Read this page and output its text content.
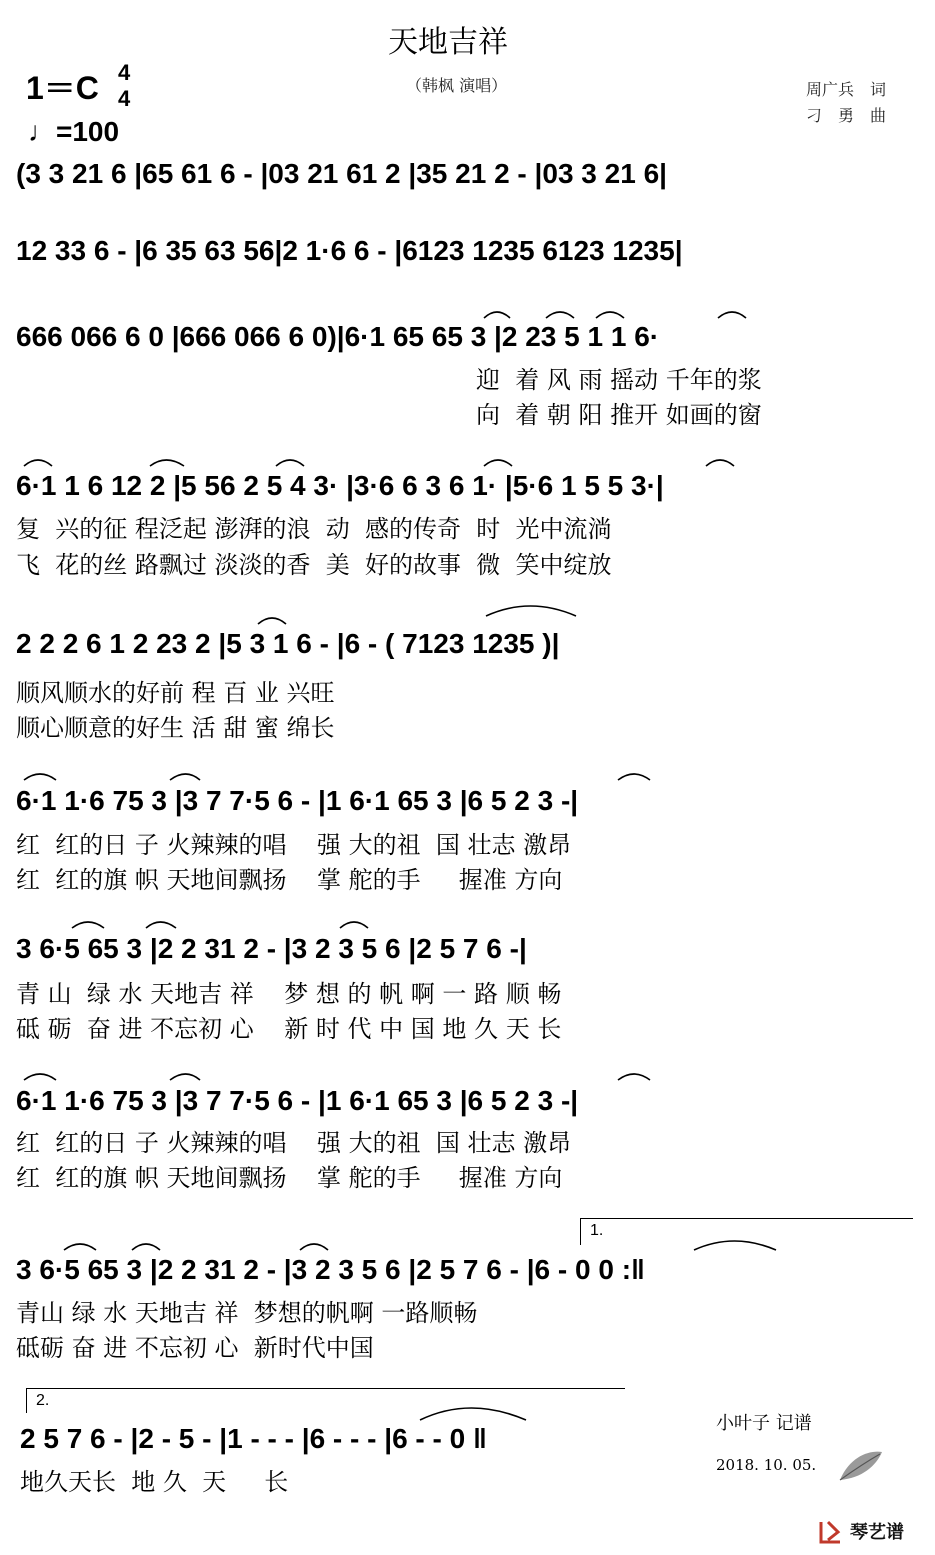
天地吉祥
（韩枫 演唱）	周广兵　词
刁　勇　曲
1＝C 4
4
♩=100
(3 3 21 6 |65 61 6 - |03 21 61 2 |35 21 2 - |03 3 21 6|
12 33 6 - |6 35 63 56|2 1·6 6 - |6123 1235 6123 1235|
666 066 6 0 |666 066 6 0)|6·1 65 65 3 |2 23 5 1 1 6·
迎  着 风 雨 摇动 千年的浆
向  着 朝 阳 推开 如画的窗
6·1 1 6 12 2 |5 56 2 5 4 3· |3·6 6 3 6 1· |5·6 1 5 5 3·|
复  兴的征 程泛起 澎湃的浪  动  感的传奇  时  光中流淌
飞  花的丝 路飘过 淡淡的香  美  好的故事  微  笑中绽放
2 2 2 6 1 2 23 2 |5 3 1 6 - |6 - ( 7123 1235 )|
顺风顺水的好前 程 百 业 兴旺
顺心顺意的好生 活 甜 蜜 绵长
6·1 1·6 75 3 |3 7 7·5 6 - |1 6·1 65 3 |6 5 2 3 -|
红  红的日 子 火辣辣的唱    强 大的祖  国 壮志 激昂
红  红的旗 帜 天地间飘扬    掌 舵的手     握准 方向
3 6·5 65 3 |2 2 31 2 - |3 2 3 5 6 |2 5 7 6 -|
青 山  绿 水 天地吉 祥    梦 想 的 帆 啊 一 路 顺 畅
砥 砺  奋 进 不忘初 心    新 时 代 中 国 地 久 天 长
6·1 1·6 75 3 |3 7 7·5 6 - |1 6·1 65 3 |6 5 2 3 -|
红  红的日 子 火辣辣的唱    强 大的祖  国 壮志 激昂
红  红的旗 帜 天地间飘扬    掌 舵的手     握准 方向
1.
3 6·5 65 3 |2 2 31 2 - |3 2 3 5 6 |2 5 7 6 - |6 - 0 0 :‖
青山 绿 水 天地吉 祥  梦想的帆啊 一路顺畅
砥砺 奋 进 不忘初 心  新时代中国
2.
2 5 7 6 - |2 - 5 - |1 - - - |6 - - - |6 - - 0 ‖
地久天长  地 久  天     长
小叶子 记谱
2018. 10. 05.
琴艺谱
